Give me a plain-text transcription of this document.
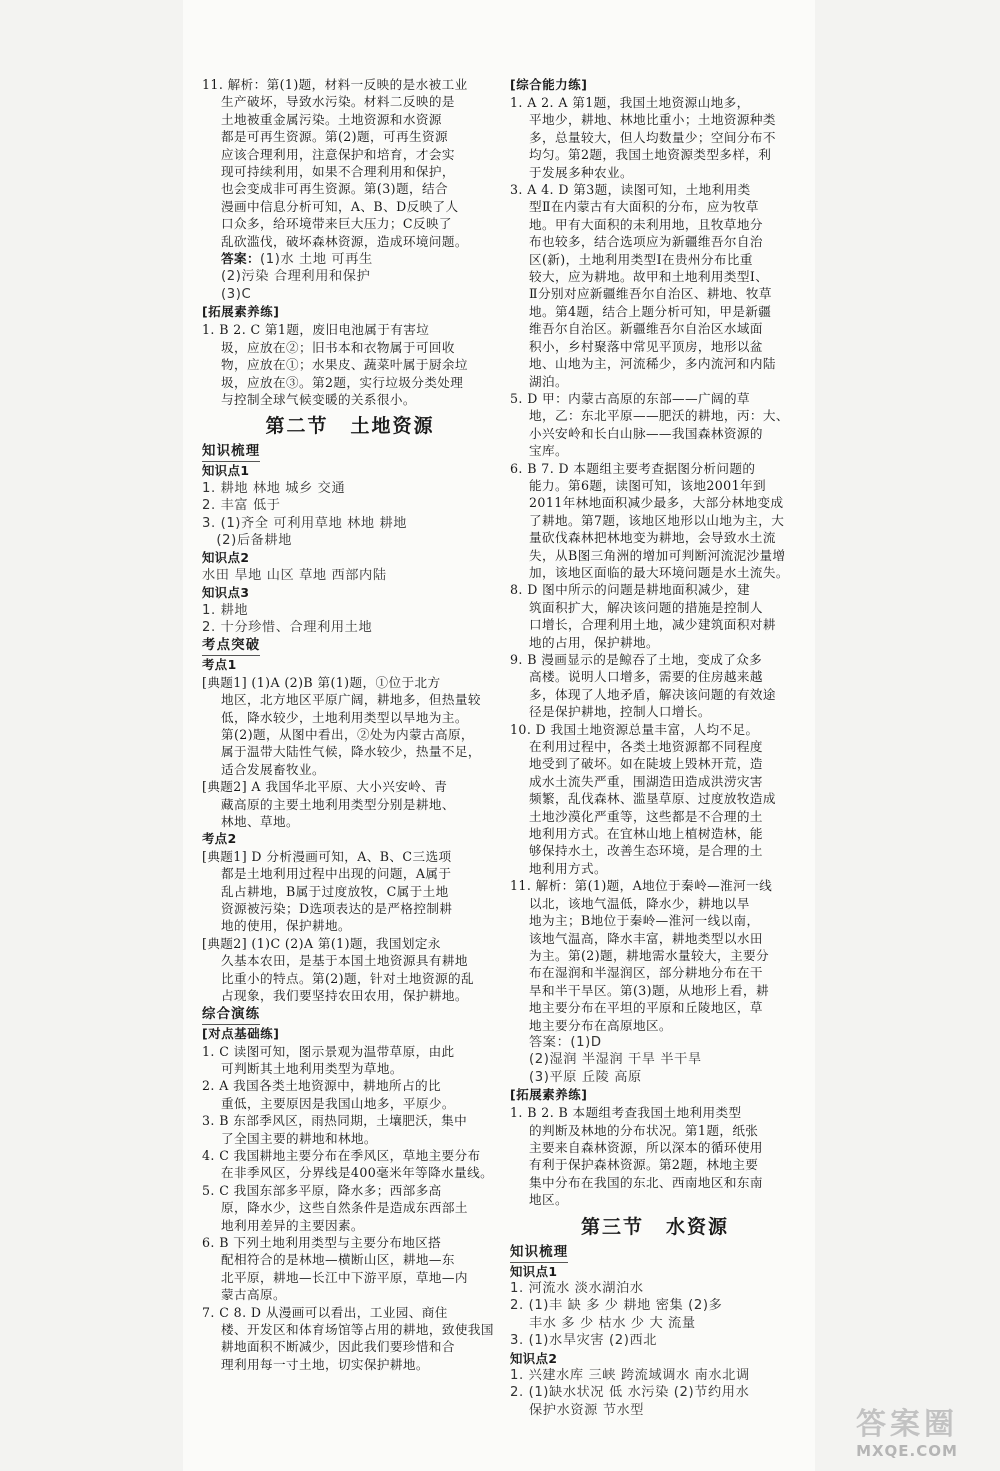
11. 解析：第(1)题，材料一反映的是水被工业

生产破坏，导致水污染。材料二反映的是

土地被重金属污染。土地资源和水资源

都是可再生资源。第(2)题，可再生资源

应该合理利用，注意保护和培育，才会实

现可持续利用，如果不合理利用和保护，

也会变成非可再生资源。第(3)题，结合

漫画中信息分析可知，A、B、D反映了人

口众多，给环境带来巨大压力；C反映了

乱砍滥伐，破坏森林资源，造成环境问题。

答案：(1)水 土地 可再生

(2)污染 合理利用和保护

(3)C

[拓展素养练]

1. B 2. C 第1题，废旧电池属于有害垃

圾，应放在②；旧书本和衣物属于可回收

物，应放在①；水果皮、蔬菜叶属于厨余垃

圾，应放在③。第2题，实行垃圾分类处理

与控制全球气候变暖的关系很小。

第二节 土地资源
知识梳理

知识点1

1. 耕地 林地 城乡 交通

2. 丰富 低于

3. (1)齐全 可利用草地 林地 耕地

(2)后备耕地

知识点2

水田 旱地 山区 草地 西部内陆

知识点3

1. 耕地

2. 十分珍惜、合理利用土地

考点突破

考点1

[典题1] (1)A (2)B 第(1)题，①位于北方

地区，北方地区平原广阔，耕地多，但热量较

低，降水较少，土地利用类型以旱地为主。

第(2)题，从图中看出，②处为内蒙古高原，

属于温带大陆性气候，降水较少，热量不足，

适合发展畜牧业。

[典题2] A 我国华北平原、大小兴安岭、青

藏高原的主要土地利用类型分别是耕地、

林地、草地。

考点2

[典题1] D 分析漫画可知，A、B、C三选项

都是土地利用过程中出现的问题，A属于

乱占耕地，B属于过度放牧，C属于土地

资源被污染；D选项表达的是严格控制耕

地的使用，保护耕地。

[典题2] (1)C (2)A 第(1)题，我国划定永

久基本农田，是基于本国土地资源具有耕地

比重小的特点。第(2)题，针对土地资源的乱

占现象，我们要坚持农田农用，保护耕地。

综合演练

[对点基础练]

1. C 读图可知，图示景观为温带草原，由此

可判断其土地利用类型为草地。

2. A 我国各类土地资源中，耕地所占的比

重低，主要原因是我国山地多，平原少。

3. B 东部季风区，雨热同期，土壤肥沃，集中

了全国主要的耕地和林地。

4. C 我国耕地主要分布在季风区，草地主要分布

在非季风区，分界线是400毫米年等降水量线。

5. C 我国东部多平原，降水多；西部多高

原，降水少，这些自然条件是造成东西部土

地利用差异的主要因素。

6. B 下列土地利用类型与主要分布地区搭

配相符合的是林地—横断山区，耕地—东

北平原，耕地—长江中下游平原，草地—内

蒙古高原。

7. C 8. D 从漫画可以看出，工业园、商住

楼、开发区和体育场馆等占用的耕地，致使我国

耕地面积不断减少，因此我们要珍惜和合

理利用每一寸土地，切实保护耕地。

[综合能力练]

1. A 2. A 第1题，我国土地资源山地多，

平地少，耕地、林地比重小；土地资源种类

多，总量较大，但人均数量少；空间分布不

均匀。第2题，我国土地资源类型多样，利

于发展多种农业。

3. A 4. D 第3题，读图可知，土地利用类

型Ⅱ在内蒙古有大面积的分布，应为牧草

地。甲有大面积的未利用地，且牧草地分

布也较多，结合选项应为新疆维吾尔自治

区(新)，土地利用类型Ⅰ在贵州分布比重

较大，应为耕地。故甲和土地利用类型Ⅰ、

Ⅱ分别对应新疆维吾尔自治区、耕地、牧草

地。第4题，结合上题分析可知，甲是新疆

维吾尔自治区。新疆维吾尔自治区水域面

积小，乡村聚落中常见平顶房，地形以盆

地、山地为主，河流稀少，多内流河和内陆

湖泊。

5. D 甲：内蒙古高原的东部——广阔的草

地，乙：东北平原——肥沃的耕地，丙：大、

小兴安岭和长白山脉——我国森林资源的

宝库。

6. B 7. D 本题组主要考查据图分析问题的

能力。第6题，读图可知，该地2001年到

2011年林地面积减少最多，大部分林地变成

了耕地。第7题，该地区地形以山地为主，大

量砍伐森林把林地变为耕地，会导致水土流

失，从B图三角洲的增加可判断河流泥沙量增

加，该地区面临的最大环境问题是水土流失。

8. D 图中所示的问题是耕地面积减少，建

筑面积扩大，解决该问题的措施是控制人

口增长，合理利用土地，减少建筑面积对耕

地的占用，保护耕地。

9. B 漫画显示的是鲸吞了土地，变成了众多

高楼。说明人口增多，需要的住房越来越

多，体现了人地矛盾，解决该问题的有效途

径是保护耕地，控制人口增长。

10. D 我国土地资源总量丰富，人均不足。

在利用过程中，各类土地资源都不同程度

地受到了破坏。如在陡坡上毁林开荒，造

成水土流失严重，围湖造田造成洪涝灾害

频繁，乱伐森林、滥垦草原、过度放牧造成

土地沙漠化严重等，这些都是不合理的土

地利用方式。在宜林山地上植树造林，能

够保持水土，改善生态环境，是合理的土

地利用方式。

11. 解析：第(1)题，A地位于秦岭—淮河一线

以北，该地气温低，降水少，耕地以旱

地为主；B地位于秦岭—淮河一线以南，

该地气温高，降水丰富，耕地类型以水田

为主。第(2)题，耕地需水量较大，主要分

布在湿润和半湿润区，部分耕地分布在干

旱和半干旱区。第(3)题，从地形上看，耕

地主要分布在平坦的平原和丘陵地区，草

地主要分布在高原地区。

答案：(1)D

(2)湿润 半湿润 干旱 半干旱

(3)平原 丘陵 高原

[拓展素养练]

1. B 2. B 本题组考查我国土地利用类型

的判断及林地的分布状况。第1题，纸张

主要来自森林资源，所以深本的循环使用

有利于保护森林资源。第2题，林地主要

集中分布在我国的东北、西南地区和东南

地区。

第三节 水资源
知识梳理

知识点1

1. 河流水 淡水湖泊水

2. (1)丰 缺 多 少 耕地 密集 (2)多

丰水 多 少 枯水 少 大 流量

3. (1)水旱灾害 (2)西北

知识点2

1. 兴建水库 三峡 跨流域调水 南水北调

2. (1)缺水状况 低 水污染 (2)节约用水

保护水资源 节水型	答案圈
MXQE.COM
